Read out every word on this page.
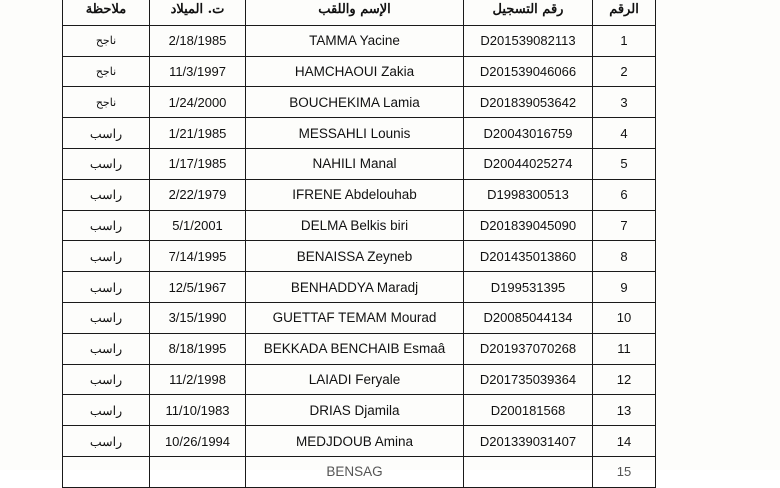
ملاحظة	ت. الميلاد	الإسم واللقب	رقم التسجيل	الرقم
ناجح	2/18/1985	TAMMA Yacine	D201539082113	1
ناجح	11/3/1997	HAMCHAOUI Zakia	D201539046066	2
ناجح	1/24/2000	BOUCHEKIMA Lamia	D201839053642	3
راسب	1/21/1985	MESSAHLI Lounis	D20043016759	4
راسب	1/17/1985	NAHILI Manal	D20044025274	5
راسب	2/22/1979	IFRENE Abdelouhab	D1998300513	6
راسب	5/1/2001	DELMA Belkis biri	D201839045090	7
راسب	7/14/1995	BENAISSA Zeyneb	D201435013860	8
راسب	12/5/1967	BENHADDYA Maradj	D199531395	9
راسب	3/15/1990	GUETTAF TEMAM Mourad	D20085044134	10
راسب	8/18/1995	BEKKADA BENCHAIB Esmaâ	D201937070268	11
راسب	11/2/1998	LAIADI Feryale	D201735039364	12
راسب	11/10/1983	DRIAS Djamila	D200181568	13
راسب	10/26/1994	MEDJDOUB Amina	D201339031407	14
		BENSAG		15
